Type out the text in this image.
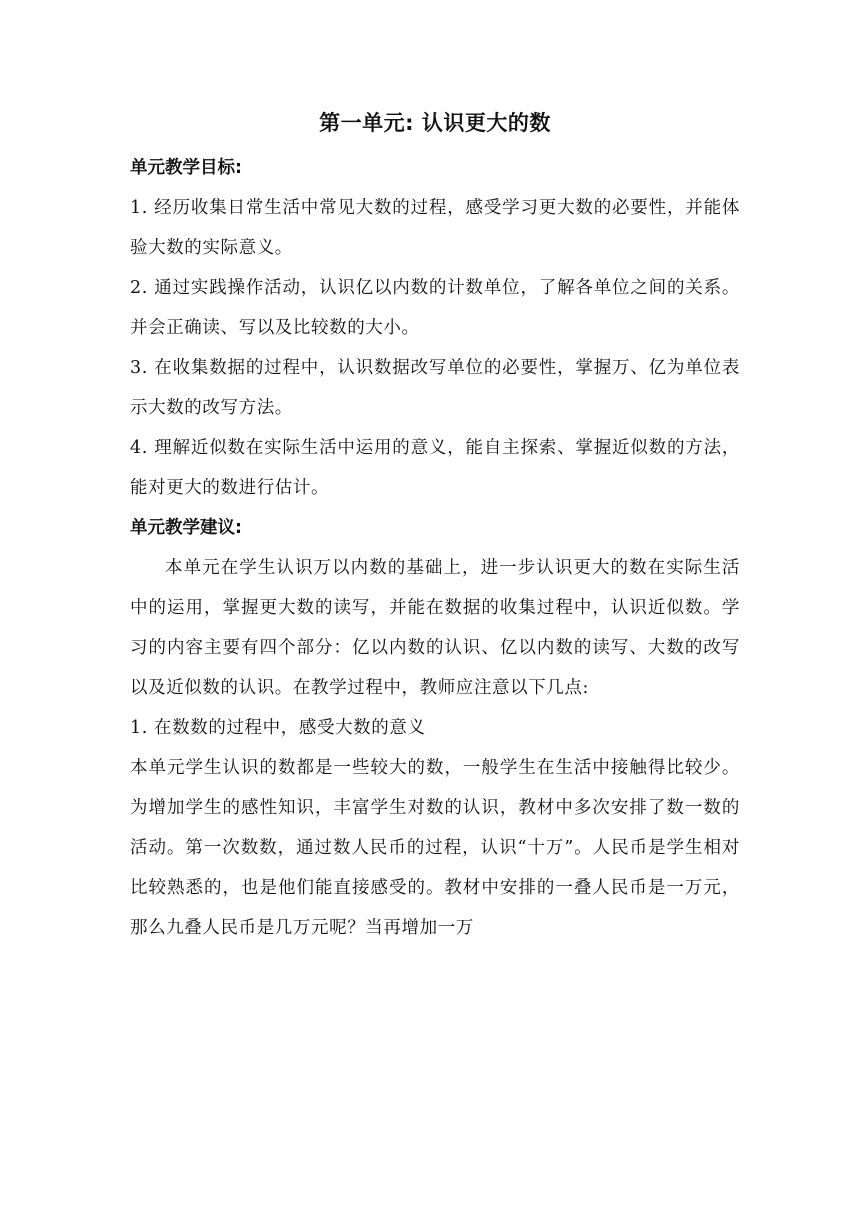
第一单元: 认识更大的数

单元教学目标:

1. 经历收集日常生活中常见大数的过程，感受学习更大数的必要性，并能体验大数的实际意义。

2. 通过实践操作活动，认识亿以内数的计数单位，了解各单位之间的关系。并会正确读、写以及比较数的大小。

3. 在收集数据的过程中，认识数据改写单位的必要性，掌握万、亿为单位表示大数的改写方法。

4. 理解近似数在实际生活中运用的意义，能自主探索、掌握近似数的方法，能对更大的数进行估计。

单元教学建议:

本单元在学生认识万以内数的基础上，进一步认识更大的数在实际生活中的运用，掌握更大数的读写，并能在数据的收集过程中，认识近似数。学习的内容主要有四个部分：亿以内数的认识、亿以内数的读写、大数的改写以及近似数的认识。在教学过程中，教师应注意以下几点:

1. 在数数的过程中，感受大数的意义

本单元学生认识的数都是一些较大的数，一般学生在生活中接触得比较少。为增加学生的感性知识，丰富学生对数的认识，教材中多次安排了数一数的活动。第一次数数，通过数人民币的过程，认识“十万”。人民币是学生相对比较熟悉的，也是他们能直接感受的。教材中安排的一叠人民币是一万元，那么九叠人民币是几万元呢？当再增加一万
